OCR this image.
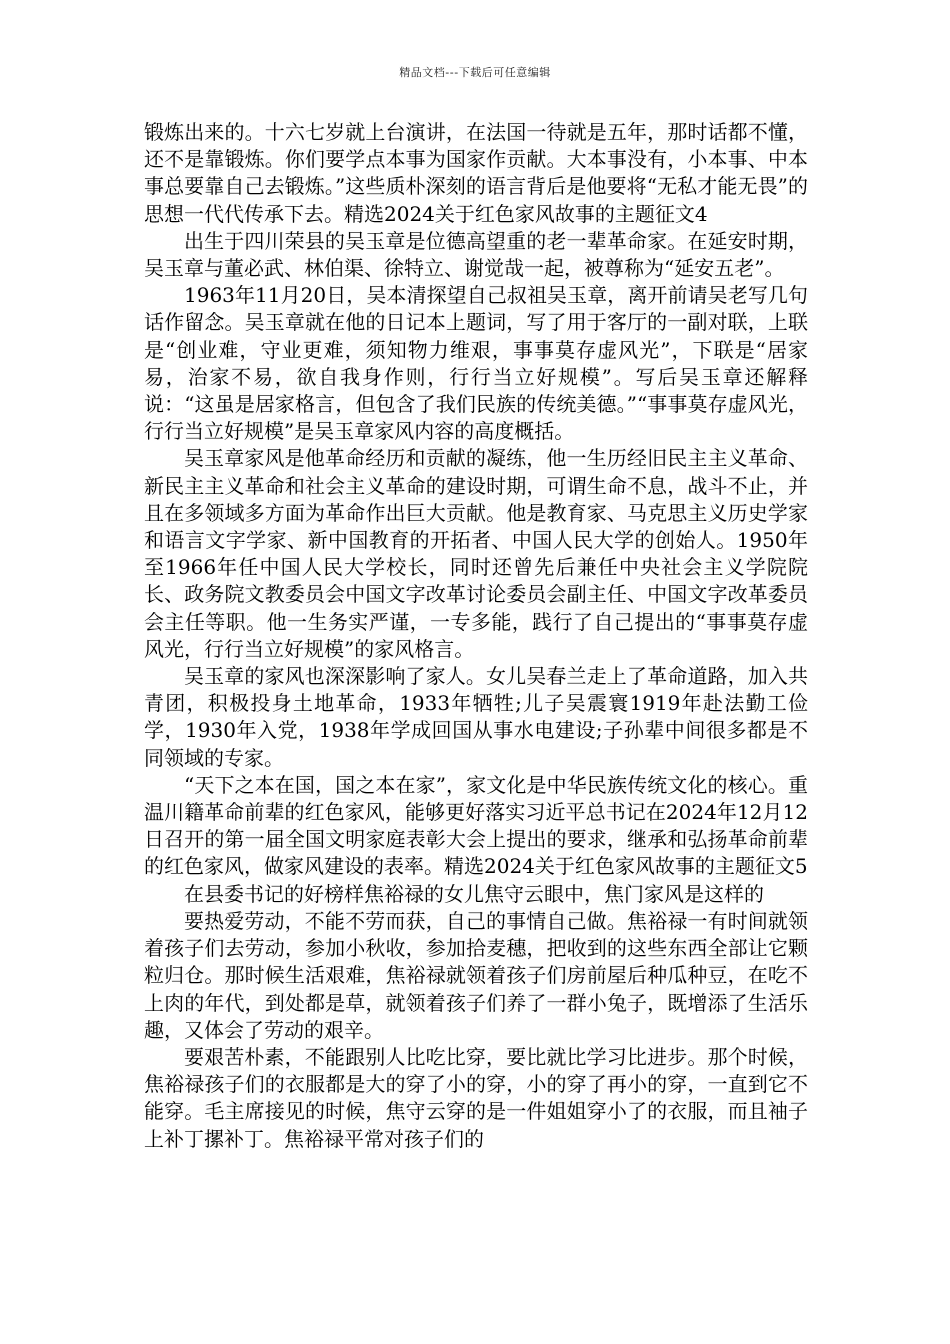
精品文档---下载后可任意编辑

锻炼出来的。十六七岁就上台演讲，在法国一待就是五年，那时话都不懂，还不是靠锻炼。你们要学点本事为国家作贡献。大本事没有，小本事、中本事总要靠自己去锻炼。”这些质朴深刻的语言背后是他要将“无私才能无畏”的思想一代代传承下去。精选2024关于红色家风故事的主题征文4

出生于四川荣县的吴玉章是位德高望重的老一辈革命家。在延安时期，吴玉章与董必武、林伯渠、徐特立、谢觉哉一起，被尊称为“延安五老”。

1963年11月20日，吴本清探望自己叔祖吴玉章，离开前请吴老写几句话作留念。吴玉章就在他的日记本上题词，写了用于客厅的一副对联，上联是“创业难，守业更难，须知物力维艰，事事莫存虚风光”，下联是“居家易，治家不易，欲自我身作则，行行当立好规模”。写后吴玉章还解释说：“这虽是居家格言，但包含了我们民族的传统美德。”“事事莫存虚风光，行行当立好规模”是吴玉章家风内容的高度概括。

吴玉章家风是他革命经历和贡献的凝练，他一生历经旧民主主义革命、新民主主义革命和社会主义革命的建设时期，可谓生命不息，战斗不止，并且在多领域多方面为革命作出巨大贡献。他是教育家、马克思主义历史学家和语言文字学家、新中国教育的开拓者、中国人民大学的创始人。1950年至1966年任中国人民大学校长，同时还曾先后兼任中央社会主义学院院长、政务院文教委员会中国文字改革讨论委员会副主任、中国文字改革委员会主任等职。他一生务实严谨，一专多能，践行了自己提出的“事事莫存虚风光，行行当立好规模”的家风格言。

吴玉章的家风也深深影响了家人。女儿吴春兰走上了革命道路，加入共青团，积极投身土地革命，1933年牺牲;儿子吴震寰1919年赴法勤工俭学，1930年入党，1938年学成回国从事水电建设;子孙辈中间很多都是不同领域的专家。

“天下之本在国，国之本在家”，家文化是中华民族传统文化的核心。重温川籍革命前辈的红色家风，能够更好落实习近平总书记在2024年12月12日召开的第一届全国文明家庭表彰大会上提出的要求，继承和弘扬革命前辈的红色家风，做家风建设的表率。精选2024关于红色家风故事的主题征文5

在县委书记的好榜样焦裕禄的女儿焦守云眼中，焦门家风是这样的

要热爱劳动，不能不劳而获，自己的事情自己做。焦裕禄一有时间就领着孩子们去劳动，参加小秋收，参加拾麦穗，把收到的这些东西全部让它颗粒归仓。那时候生活艰难，焦裕禄就领着孩子们房前屋后种瓜种豆，在吃不上肉的年代，到处都是草，就领着孩子们养了一群小兔子，既增添了生活乐趣，又体会了劳动的艰辛。

要艰苦朴素，不能跟别人比吃比穿，要比就比学习比进步。那个时候，焦裕禄孩子们的衣服都是大的穿了小的穿，小的穿了再小的穿，一直到它不能穿。毛主席接见的时候，焦守云穿的是一件姐姐穿小了的衣服，而且袖子上补丁摞补丁。焦裕禄平常对孩子们的
